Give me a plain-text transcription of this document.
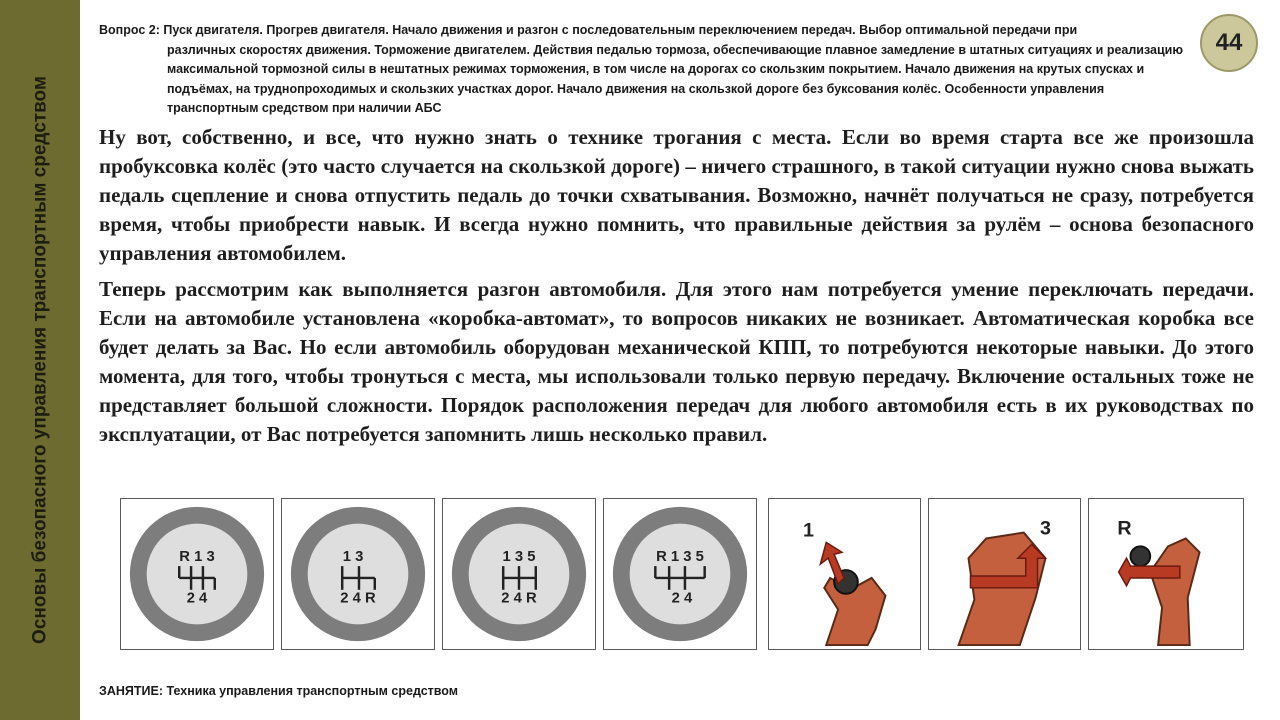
Основы безопасного управления транспортным средством
Вопрос 2: Пуск двигателя. Прогрев двигателя. Начало движения и разгон с последовательным переключением передач. Выбор оптимальной передачи при
различных скоростях движения. Торможение двигателем. Действия педалью тормоза, обеспечивающие плавное замедление в штатных ситуациях и реализацию максимальной тормозной силы в нештатных режимах торможения, в том числе на дорогах со скользким покрытием. Начало движения на крутых спусках и подъёмах, на труднопроходимых и скользких участках дорог. Начало движения на скользкой дороге без буксования колёс. Особенности управления транспортным средством при наличии АБС
44

Ну вот, собственно, и все, что нужно знать о технике трогания с места. Если во время старта все же произошла пробуксовка колёс (это часто случается на скользкой дороге) – ничего страшного, в такой ситуации нужно снова выжать педаль сцепление и снова отпустить педаль до точки схватывания. Возможно, начнёт получаться не сразу, потребуется время, чтобы приобрести навык. И всегда нужно помнить, что правильные действия за рулём – основа безопасного управления автомобилем.

Теперь рассмотрим как выполняется разгон автомобиля. Для этого нам потребуется умение переключать передачи. Если на автомобиле установлена «коробка-автомат», то вопросов никаких не возникает. Автоматическая коробка все будет делать за Вас. Но если автомобиль оборудован механической КПП, то потребуются некоторые навыки. До этого момента, для того, чтобы тронуться с места, мы использовали только первую передачу. Включение остальных тоже не представляет большой сложности. Порядок расположения передач для любого автомобиля есть в их руководствах по эксплуатации, от Вас потребуется запомнить лишь несколько правил.

R 1 3
2 4
1 3
2 4 R
1 3 5
2 4 R
R 1 3 5
2 4
1	3	R
ЗАНЯТИЕ: Техника управления транспортным средством
